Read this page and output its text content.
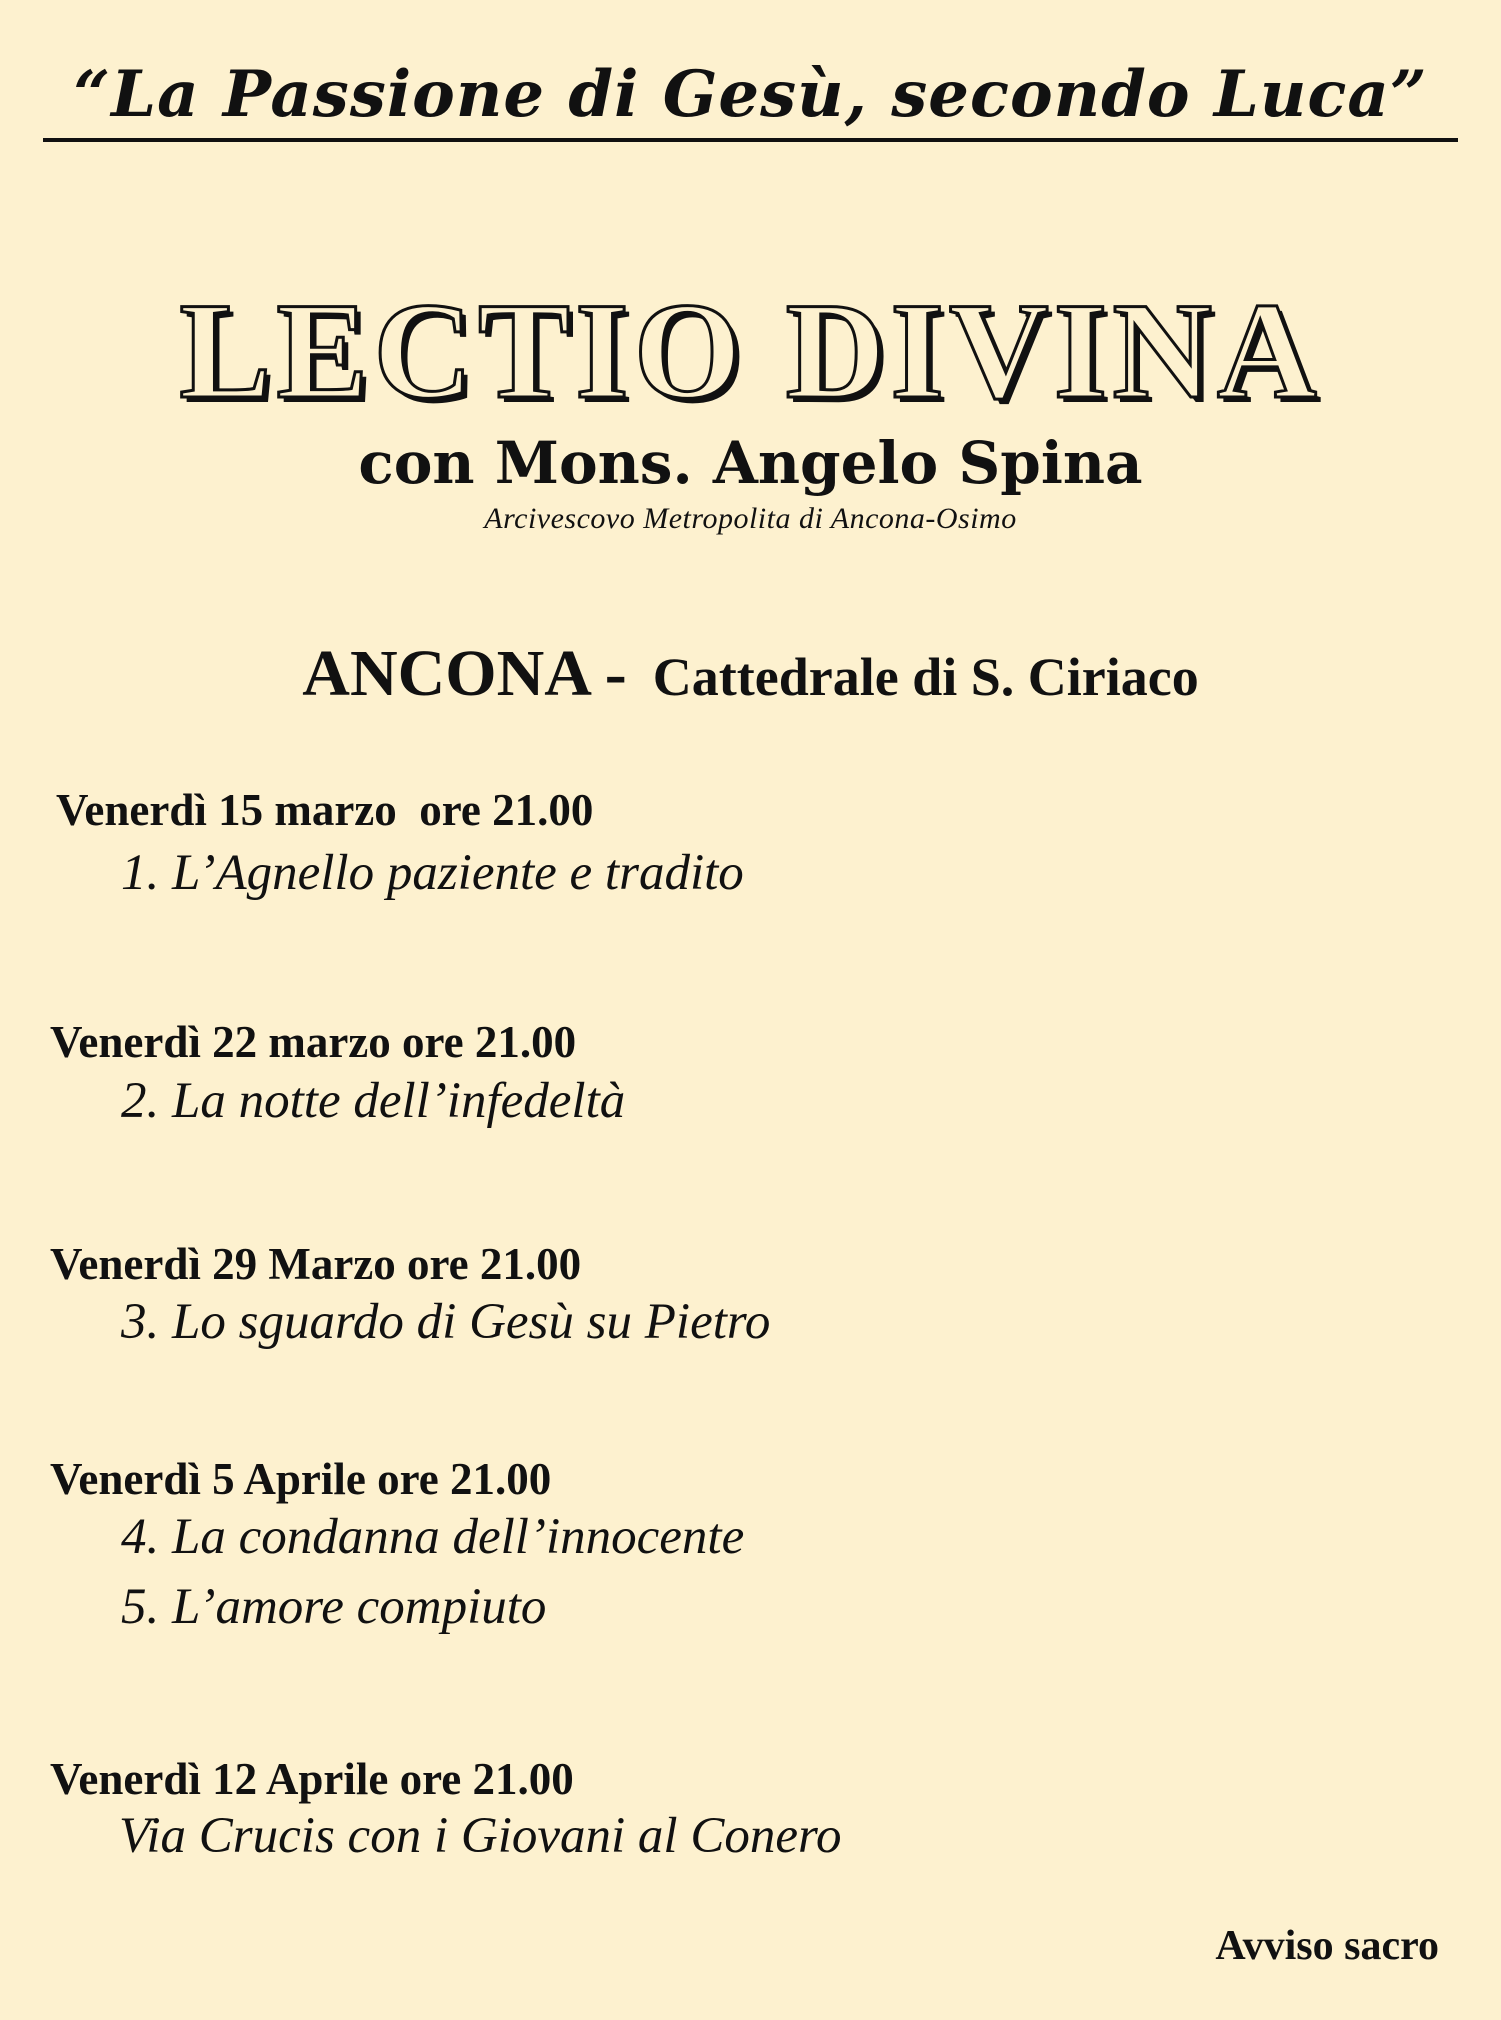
“La Passione di Gesù, secondo Luca”
LECTIO DIVINA
con Mons. Angelo Spina
Arcivescovo Metropolita di Ancona-Osimo
ANCONA - Cattedrale di S. Ciriaco
Venerdì 15 marzo  ore 21.00
1. L’Agnello paziente e tradito
Venerdì 22 marzo ore 21.00
2. La notte dell’infedeltà
Venerdì 29 Marzo ore 21.00
3. Lo sguardo di Gesù su Pietro
Venerdì 5 Aprile ore 21.00
4. La condanna dell’innocente
5. L’amore compiuto
Venerdì 12 Aprile ore 21.00
Via Crucis con i Giovani al Conero
Avviso sacro
